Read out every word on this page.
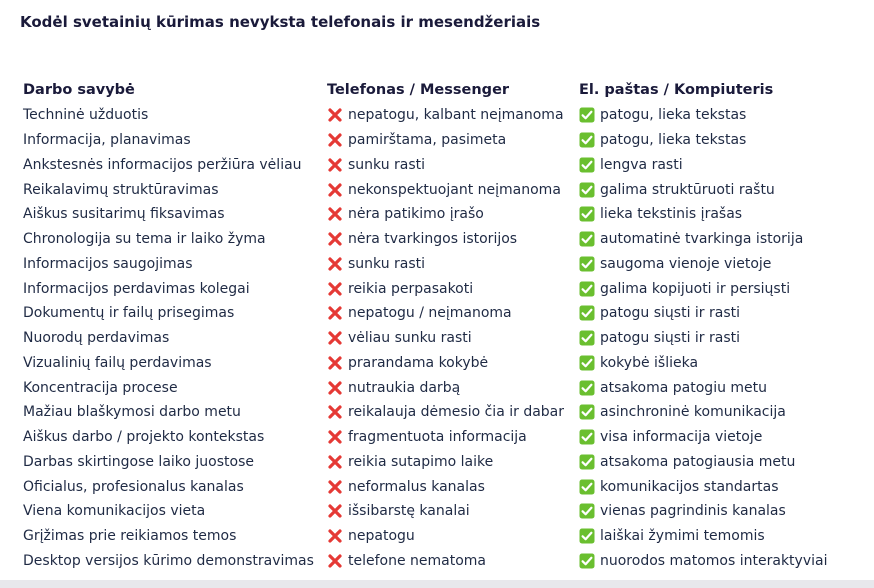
Kodėl svetainių kūrimas nevyksta telefonais ir mesendžeriais
Darbo savybė	Telefonas / Messenger	El. paštas / Kompiuteris
Techninė užduotis	nepatogu, kalbant neįmanoma	patogu, lieka tekstas
Informacija, planavimas	pamirštama, pasimeta	patogu, lieka tekstas
Ankstesnės informacijos peržiūra vėliau	sunku rasti	lengva rasti
Reikalavimų struktūravimas	nekonspektuojant neįmanoma	galima struktūruoti raštu
Aiškus susitarimų fiksavimas	nėra patikimo įrašo	lieka tekstinis įrašas
Chronologija su tema ir laiko žyma	nėra tvarkingos istorijos	automatinė tvarkinga istorija
Informacijos saugojimas	sunku rasti	saugoma vienoje vietoje
Informacijos perdavimas kolegai	reikia perpasakoti	galima kopijuoti ir persiųsti
Dokumentų ir failų prisegimas	nepatogu / neįmanoma	patogu siųsti ir rasti
Nuorodų perdavimas	vėliau sunku rasti	patogu siųsti ir rasti
Vizualinių failų perdavimas	prarandama kokybė	kokybė išlieka
Koncentracija procese	nutraukia darbą	atsakoma patogiu metu
Mažiau blaškymosi darbo metu	reikalauja dėmesio čia ir dabar	asinchroninė komunikacija
Aiškus darbo / projekto kontekstas	fragmentuota informacija	visa informacija vietoje
Darbas skirtingose laiko juostose	reikia sutapimo laike	atsakoma patogiausia metu
Oficialus, profesionalus kanalas	neformalus kanalas	komunikacijos standartas
Viena komunikacijos vieta	išsibarstę kanalai	vienas pagrindinis kanalas
Grįžimas prie reikiamos temos	nepatogu	laiškai žymimi temomis
Desktop versijos kūrimo demonstravimas	telefone nematoma	nuorodos matomos interaktyviai
